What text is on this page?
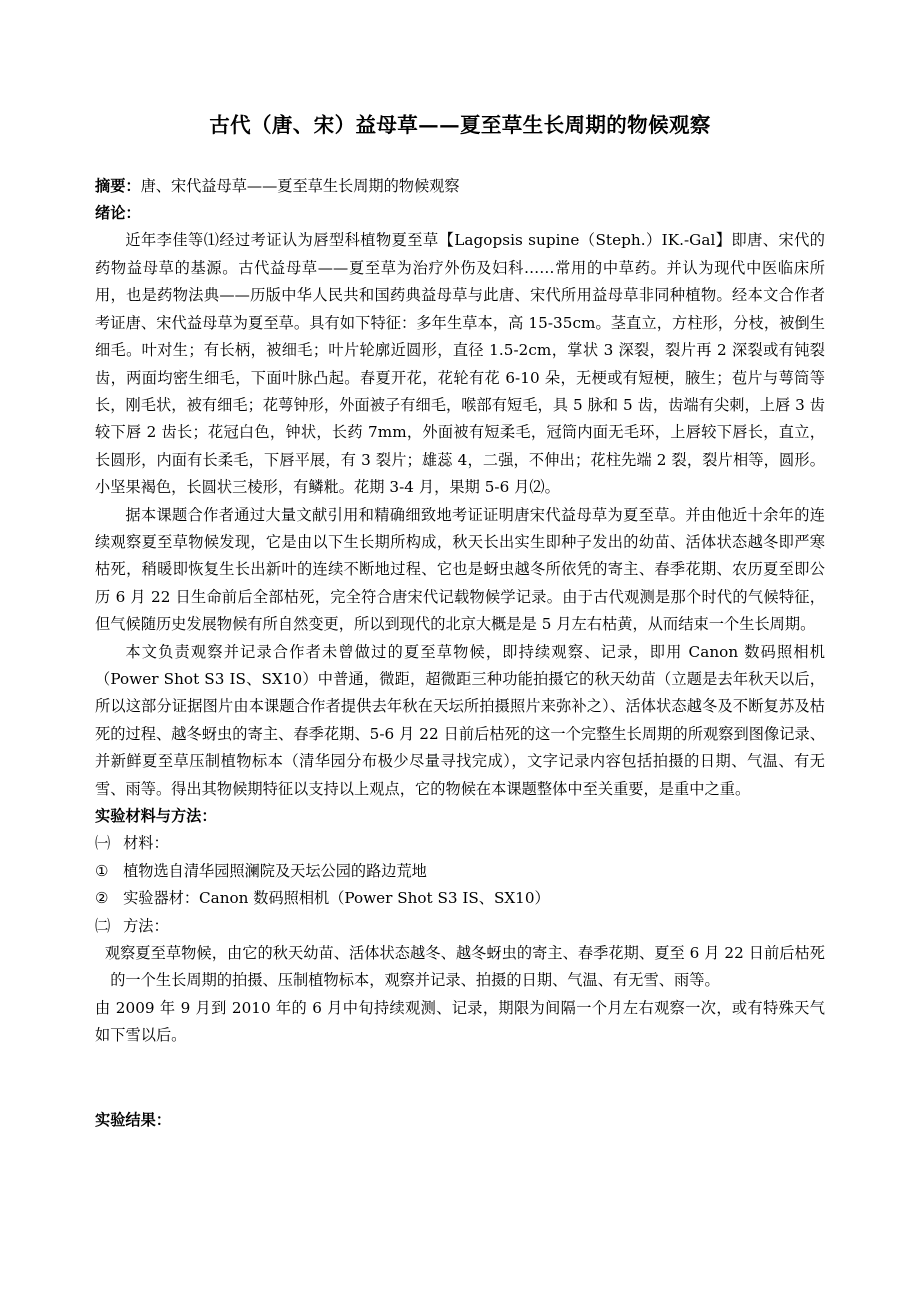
古代（唐、宋）益母草——夏至草生长周期的物候观察

摘要：唐、宋代益母草——夏至草生长周期的物候观察

绪论：

近年李佳等⑴经过考证认为唇型科植物夏至草【Lagopsis supine（Steph.）IK.-Gal】即唐、宋代的药物益母草的基源。古代益母草——夏至草为治疗外伤及妇科……常用的中草药。并认为现代中医临床所用，也是药物法典——历版中华人民共和国药典益母草与此唐、宋代所用益母草非同种植物。经本文合作者考证唐、宋代益母草为夏至草。具有如下特征：多年生草本，高 15-35cm。茎直立，方柱形，分枝，被倒生细毛。叶对生；有长柄，被细毛；叶片轮廓近圆形，直径 1.5-2cm，掌状 3 深裂，裂片再 2 深裂或有钝裂齿，两面均密生细毛，下面叶脉凸起。春夏开花，花轮有花 6-10 朵，无梗或有短梗，腋生；苞片与萼筒等长，刚毛状，被有细毛；花萼钟形，外面被子有细毛，喉部有短毛，具 5 脉和 5 齿，齿端有尖刺，上唇 3 齿较下唇 2 齿长；花冠白色，钟状，长药 7mm，外面被有短柔毛，冠筒内面无毛环，上唇较下唇长，直立，长圆形，内面有长柔毛，下唇平展，有 3 裂片；雄蕊 4，二强，不伸出；花柱先端 2 裂，裂片相等，圆形。小坚果褐色，长圆状三棱形，有鳞粃。花期 3-4 月，果期 5-6 月⑵。

据本课题合作者通过大量文献引用和精确细致地考证证明唐宋代益母草为夏至草。并由他近十余年的连续观察夏至草物候发现，它是由以下生长期所构成，秋天长出实生即种子发出的幼苗、活体状态越冬即严寒枯死，稍暖即恢复生长出新叶的连续不断地过程、它也是蚜虫越冬所依凭的寄主、春季花期、农历夏至即公历 6 月 22 日生命前后全部枯死，完全符合唐宋代记载物候学记录。由于古代观测是那个时代的气候特征，但气候随历史发展物候有所自然变更，所以到现代的北京大概是是 5 月左右枯黄，从而结束一个生长周期。

本文负责观察并记录合作者未曾做过的夏至草物候，即持续观察、记录，即用 Canon 数码照相机（Power Shot S3 IS、SX10）中普通，微距，超微距三种功能拍摄它的秋天幼苗（立题是去年秋天以后，所以这部分证据图片由本课题合作者提供去年秋在天坛所拍摄照片来弥补之）、活体状态越冬及不断复苏及枯死的过程、越冬蚜虫的寄主、春季花期、5-6 月 22 日前后枯死的这一个完整生长周期的所观察到图像记录、并新鲜夏至草压制植物标本（清华园分布极少尽量寻找完成），文字记录内容包括拍摄的日期、气温、有无雪、雨等。得出其物候期特征以支持以上观点，它的物候在本课题整体中至关重要，是重中之重。

实验材料与方法：

㈠ 材料：

① 植物选自清华园照澜院及天坛公园的路边荒地

② 实验器材：Canon 数码照相机（Power Shot S3 IS、SX10）

㈡ 方法：

观察夏至草物候，由它的秋天幼苗、活体状态越冬、越冬蚜虫的寄主、春季花期、夏至 6 月 22 日前后枯死的一个生长周期的拍摄、压制植物标本，观察并记录、拍摄的日期、气温、有无雪、雨等。

由 2009 年 9 月到 2010 年的 6 月中旬持续观测、记录，期限为间隔一个月左右观察一次，或有特殊天气如下雪以后。

实验结果：
